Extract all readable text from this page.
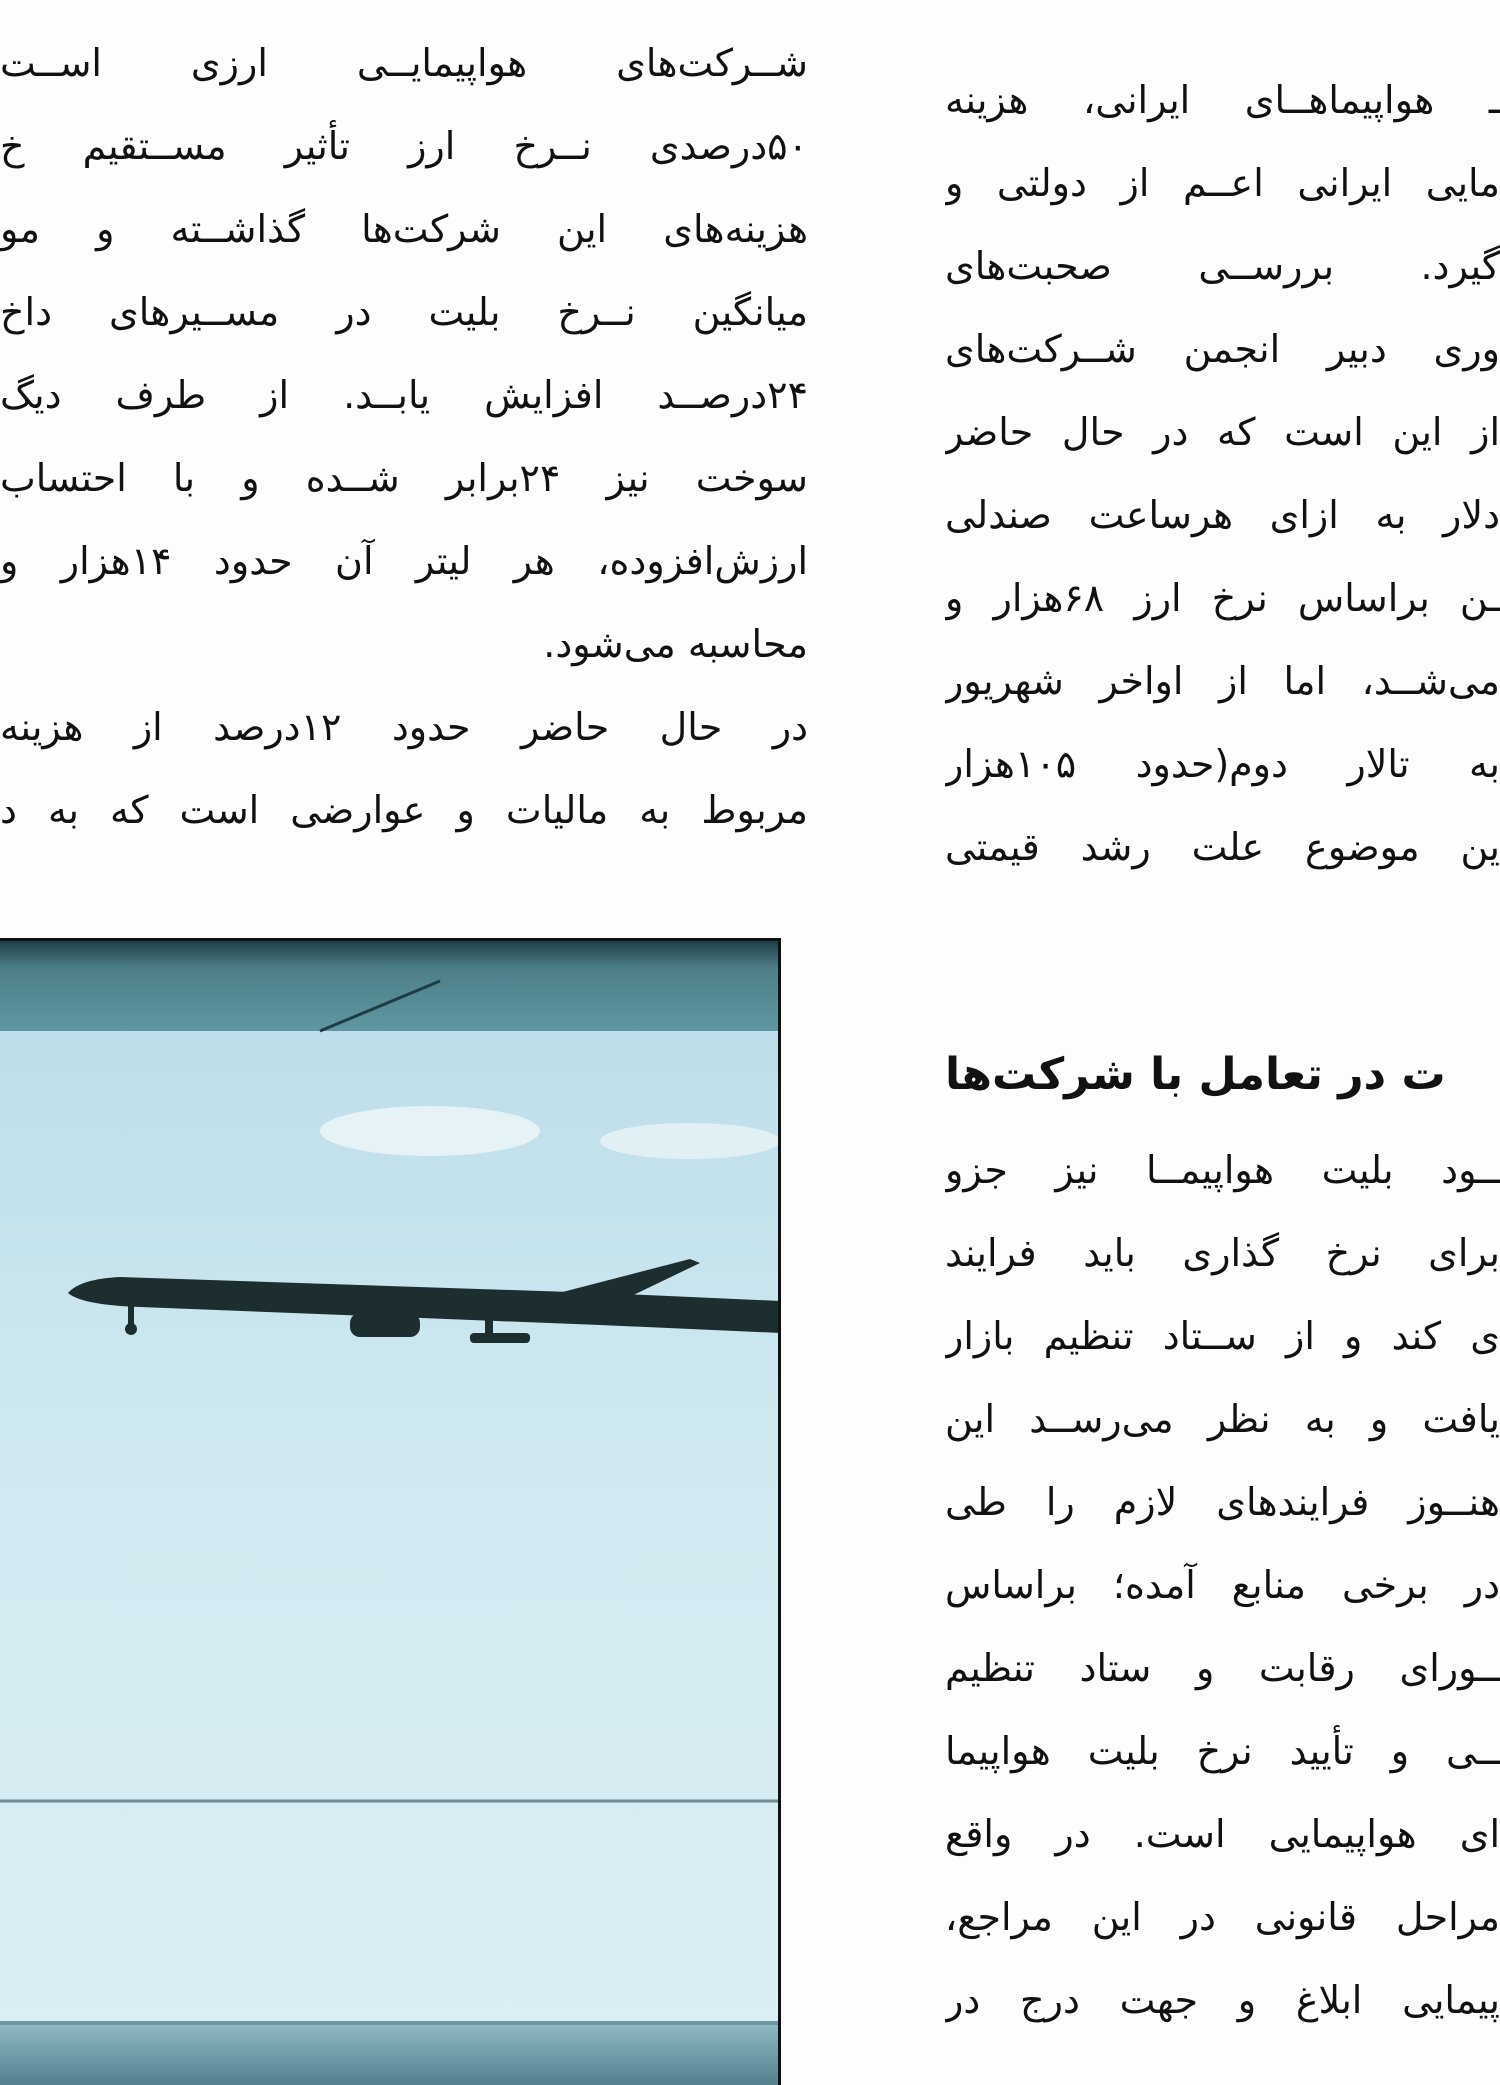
شــرکت‌های هواپیمایــی ارزی اســت
۵۰درصدی نــرخ ارز تأثیر مســتقیم خ
هزینه‌های این شرکت‌ها گذاشــته و مو
میانگین نــرخ بلیت در مســیرهای داخ
۲۴درصــد افزایش یابــد. از طرف دیگ
سوخت نیز ۲۴برابر شــده و با احتساب
ارزش‌افزوده، هر لیتر آن حدود ۱۴هزار و
محاسبه می‌شود.
در حال حاضر حدود ۱۲درصد از هزینه‌
مربوط به مالیات و عوارضی است که به د
ـ هواپیماهــای ایرانی، هزینه
مایی ایرانی اعــم از دولتی و
گیرد. بررســی صحبت‌های
وری دبیر انجمن شــرکت‌های
از این است که در حال حاضر
دلار به ازای هرساعت صندلی
ـن براساس نرخ ارز ۶۸هزار و
می‌شــد، اما از اواخر شهریور
به تالار دوم(حدود ۱۰۵هزار
ین موضوع علت رشد قیمتی
ت در تعامل با شرکت‌ها
ــود بلیت هواپیمــا نیز جزو
برای نرخ گذاری باید فرایند
ی کند و از ســتاد تنظیم بازار
یافت و به نظر می‌رســد این
هنــوز فرایندهای لازم را طی
در برخی منابع آمده؛ براساس
ــورای رقابت و ستاد تنظیم
ــی و تأیید نرخ بلیت هواپیما
ای هواپیمایی است. در واقع
مراحل قانونی در این مراجع،
پیمایی ابلاغ و جهت درج در
